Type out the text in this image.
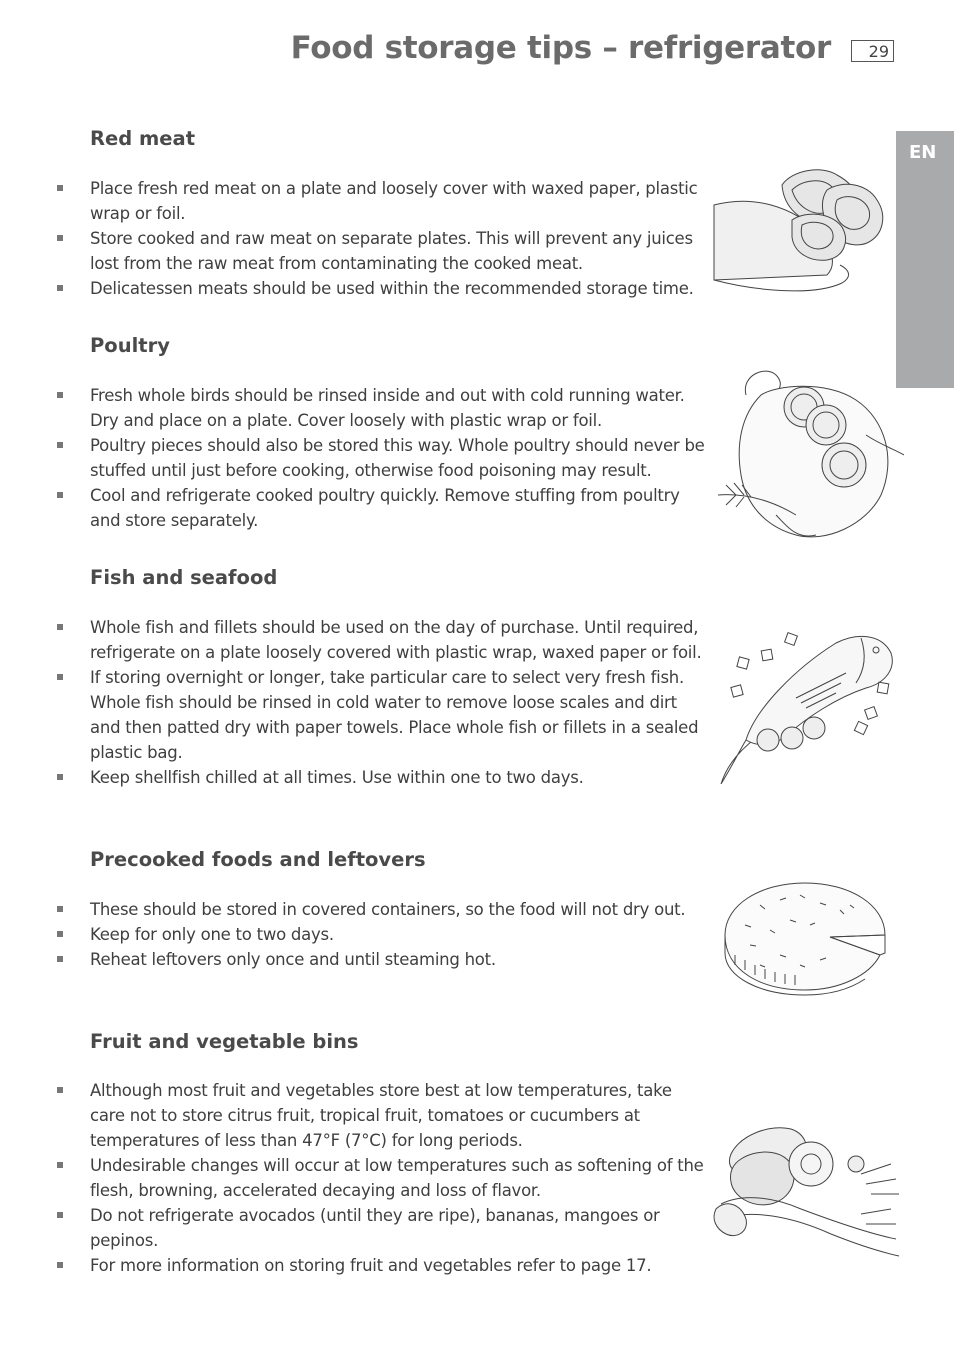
Food storage tips – refrigerator	29
EN
Red meat
Place fresh red meat on a plate and loosely cover with waxed paper, plastic wrap or foil.
Store cooked and raw meat on separate plates. This will prevent any juices lost from the raw meat from contaminating the cooked meat.
Delicatessen meats should be used within the recommended storage time.
Poultry
Fresh whole birds should be rinsed inside and out with cold running water. Dry and place on a plate. Cover loosely with plastic wrap or foil.
Poultry pieces should also be stored this way. Whole poultry should never be stuffed until just before cooking, otherwise food poisoning may result.
Cool and refrigerate cooked poultry quickly. Remove stuffing from poultry and store separately.
Fish and seafood
Whole fish and fillets should be used on the day of purchase. Until required, refrigerate on a plate loosely covered with plastic wrap, waxed paper or foil.
If storing overnight or longer, take particular care to select very fresh fish. Whole fish should be rinsed in cold water to remove loose scales and dirt and then patted dry with paper towels. Place whole fish or fillets in a sealed plastic bag.
Keep shellfish chilled at all times. Use within one to two days.
Precooked foods and leftovers
These should be stored in covered containers, so the food will not dry out.
Keep for only one to two days.
Reheat leftovers only once and until steaming hot.
Fruit and vegetable bins
Although most fruit and vegetables store best at low temperatures, take care not to store citrus fruit, tropical fruit, tomatoes or cucumbers at temperatures of less than 47°F (7°C) for long periods.
Undesirable changes will occur at low temperatures such as softening of the flesh, browning, accelerated decaying and loss of flavor.
Do not refrigerate avocados (until they are ripe), bananas, mangoes or pepinos.
For more information on storing fruit and vegetables refer to page 17.
